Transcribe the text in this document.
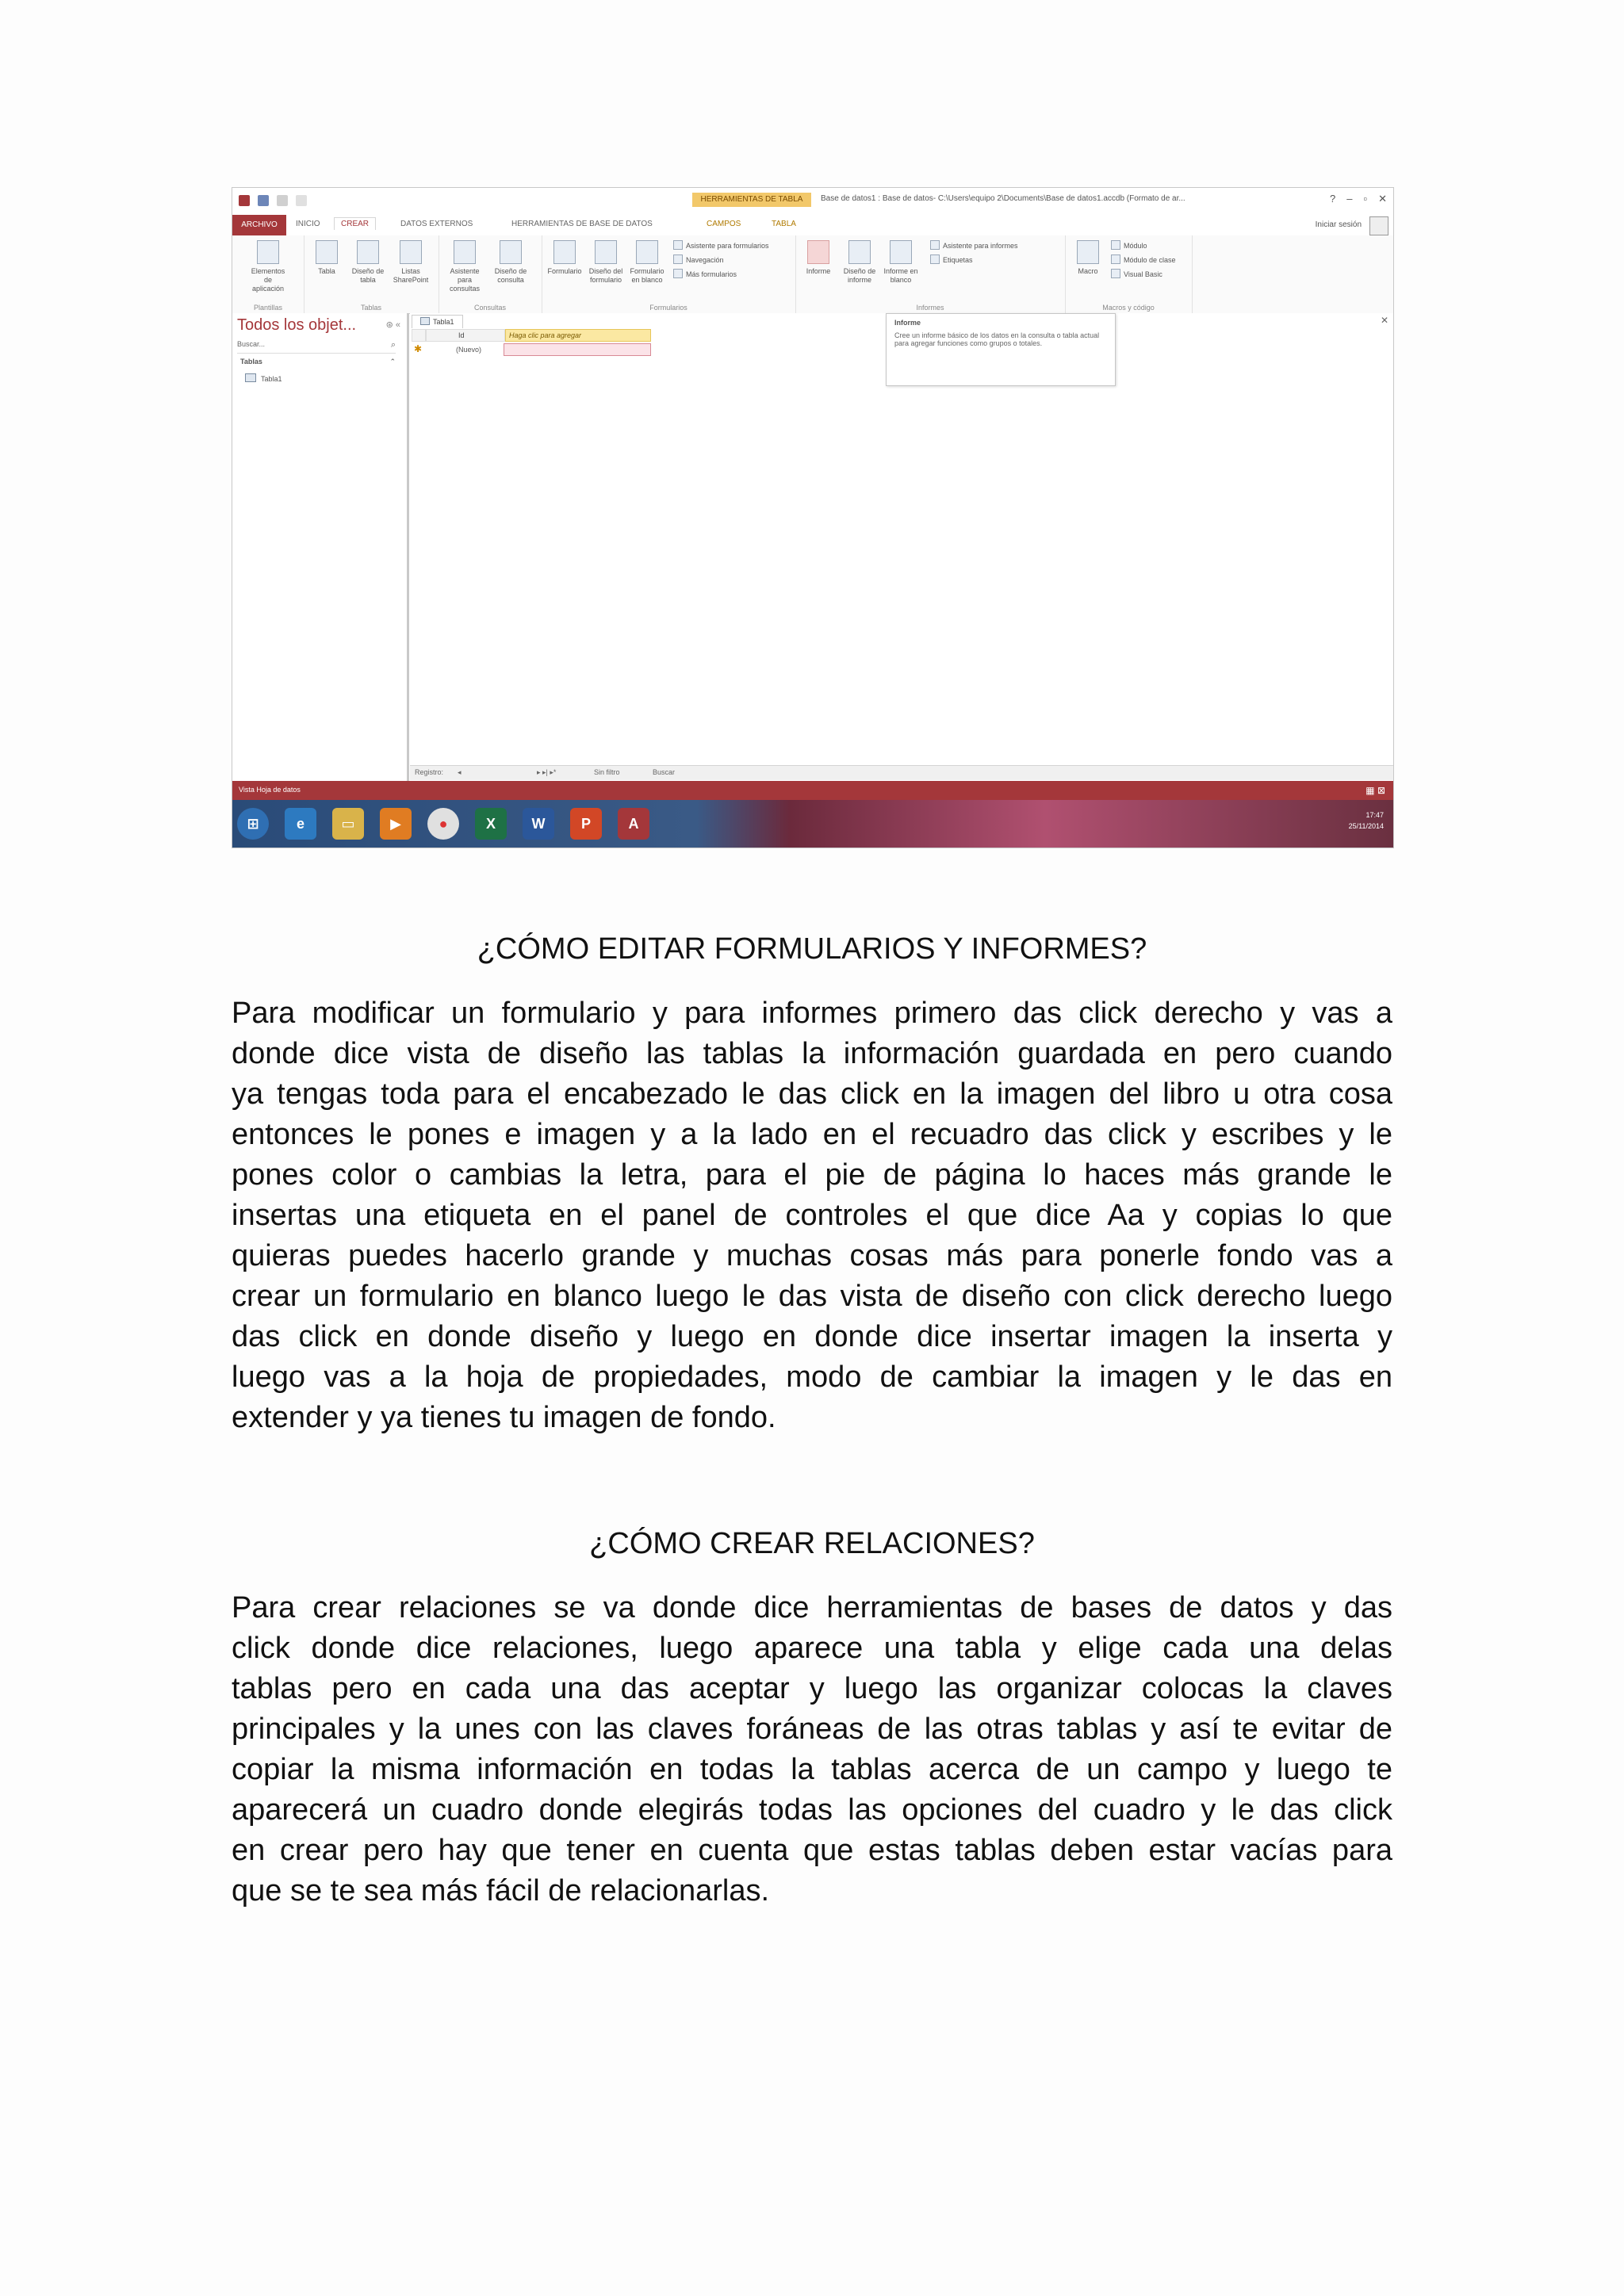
HERRAMIENTAS DE TABLA	Base de datos1 : Base de datos- C:\Users\equipo 2\Documents\Base de datos1.accdb (Formato de ar...	? – ▫ ✕
ARCHIVO	INICIO	CREAR	DATOS EXTERNOS	HERRAMIENTAS DE BASE DE DATOS	CAMPOS	TABLA	Iniciar sesión
Elementos de aplicación
Plantillas
Tabla	Diseño de tabla
Listas SharePoint
Tablas
Asistente para consultas
Diseño de consulta
Consultas
Formulario Diseño del formulario
Formulario en blanco
Asistente para formularios
Navegación
Más formularios
Formularios
Informe	Diseño de informe
Informe en blanco
Asistente para informes
Etiquetas
Informes
Macro
Módulo
Módulo de clase
Visual Basic
Macros y código
Todos los objet...	⊛ «
Buscar...	⌕
Tablas	⌃
Tabla1
Tabla1	✕
Id	Haga clic para agregar
✱	(Nuevo)
Informe
Cree un informe básico de los datos en la consulta o tabla actual para agregar funciones como grupos o totales.
Registro: ◂	▸ ▸| ▸*	Sin filtro	Buscar
Vista Hoja de datos	▦ ⊠
⊞	e	▭	▶	●	X	W	P	A
17:47
25/11/2014
¿CÓMO EDITAR FORMULARIOS Y INFORMES?
Para modificar un formulario y para informes primero das click derecho y vas a
donde dice vista de diseño las tablas la información guardada en pero cuando
ya tengas toda para el encabezado le das click en la imagen del libro u otra cosa
entonces le pones e imagen y a la lado en el recuadro das click y escribes y le
pones color o cambias la letra, para el pie de página lo haces más grande le
insertas una etiqueta en el panel de controles el que dice Aa y copias lo que
quieras puedes hacerlo grande y muchas cosas más para ponerle fondo vas a
crear un formulario en blanco luego le das vista de diseño con click derecho luego
das click en donde diseño y luego en donde dice insertar imagen la inserta y
luego vas a la hoja de propiedades, modo de cambiar la imagen y le das en
extender y ya tienes tu imagen de fondo.
¿CÓMO CREAR RELACIONES?
Para crear relaciones se va donde dice herramientas de bases de datos y das
click donde dice relaciones, luego aparece una tabla y elige cada una delas
tablas pero en cada una das aceptar y luego las organizar colocas la claves
principales y la unes con las claves foráneas de las otras tablas y así te evitar de
copiar la misma información en todas la tablas acerca de un campo y luego te
aparecerá un cuadro donde elegirás todas las opciones del cuadro y le das click
en crear pero hay que tener en cuenta que estas tablas deben estar vacías para
que se te sea más fácil de relacionarlas.
